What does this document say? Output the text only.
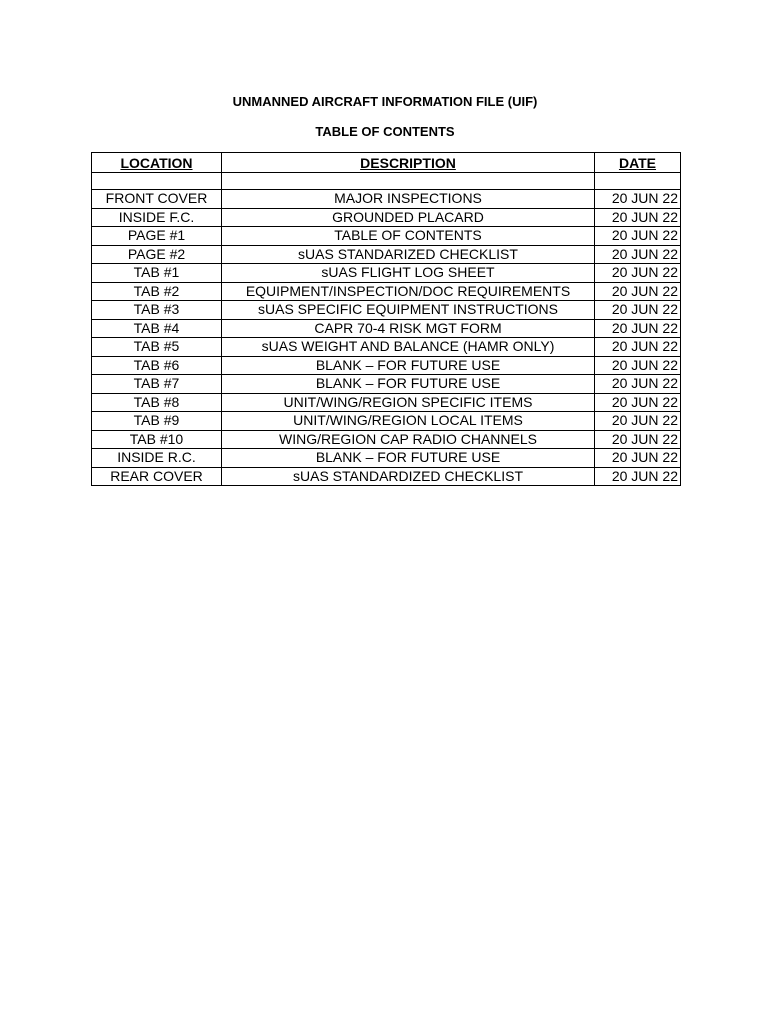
UNMANNED AIRCRAFT INFORMATION FILE (UIF)
TABLE OF CONTENTS
LOCATION	DESCRIPTION	DATE

FRONT COVER	MAJOR INSPECTIONS	20 JUN 22
INSIDE F.C.	GROUNDED PLACARD	20 JUN 22
PAGE #1	TABLE OF CONTENTS	20 JUN 22
PAGE #2	sUAS STANDARIZED CHECKLIST	20 JUN 22
TAB #1	sUAS FLIGHT LOG SHEET	20 JUN 22
TAB #2	EQUIPMENT/INSPECTION/DOC REQUIREMENTS	20 JUN 22
TAB #3	sUAS SPECIFIC EQUIPMENT INSTRUCTIONS	20 JUN 22
TAB #4	CAPR 70-4 RISK MGT FORM	20 JUN 22
TAB #5	sUAS WEIGHT AND BALANCE (HAMR ONLY)	20 JUN 22
TAB #6	BLANK – FOR FUTURE USE	20 JUN 22
TAB #7	BLANK – FOR FUTURE USE	20 JUN 22
TAB #8	UNIT/WING/REGION SPECIFIC ITEMS	20 JUN 22
TAB #9	UNIT/WING/REGION LOCAL ITEMS	20 JUN 22
TAB #10	WING/REGION CAP RADIO CHANNELS	20 JUN 22
INSIDE R.C.	BLANK – FOR FUTURE USE	20 JUN 22
REAR COVER	sUAS STANDARDIZED CHECKLIST	20 JUN 22
